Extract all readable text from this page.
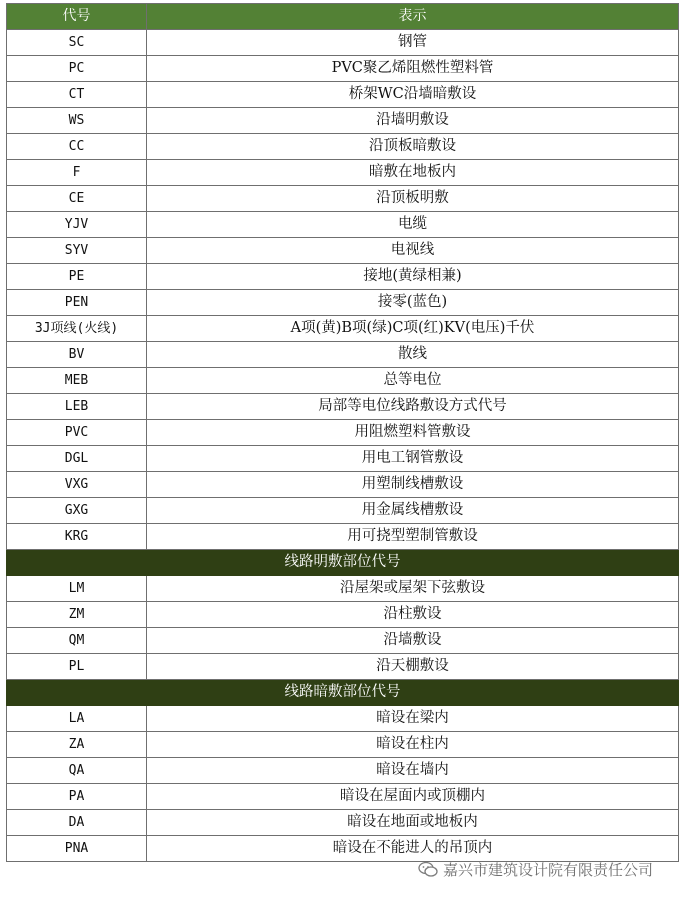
代号	表示
SC	钢管
PC	PVC聚乙烯阻燃性塑料管
CT	桥架WC沿墙暗敷设
WS	沿墙明敷设
CC	沿顶板暗敷设
F	暗敷在地板内
CE	沿顶板明敷
YJV	电缆
SYV	电视线
PE	接地(黄绿相兼)
PEN	接零(蓝色)
3J项线(火线)	A项(黄)B项(绿)C项(红)KV(电压)千伏
BV	散线
MEB	总等电位
LEB	局部等电位线路敷设方式代号
PVC	用阻燃塑料管敷设
DGL	用电工钢管敷设
VXG	用塑制线槽敷设
GXG	用金属线槽敷设
KRG	用可挠型塑制管敷设
线路明敷部位代号	
LM	沿屋架或屋架下弦敷设
ZM	沿柱敷设
QM	沿墙敷设
PL	沿天棚敷设
线路暗敷部位代号	
LA	暗设在梁内
ZA	暗设在柱内
QA	暗设在墙内
PA	暗设在屋面内或顶棚内
DA	暗设在地面或地板内
PNA	暗设在不能进人的吊顶内
嘉兴市建筑设计院有限责任公司
